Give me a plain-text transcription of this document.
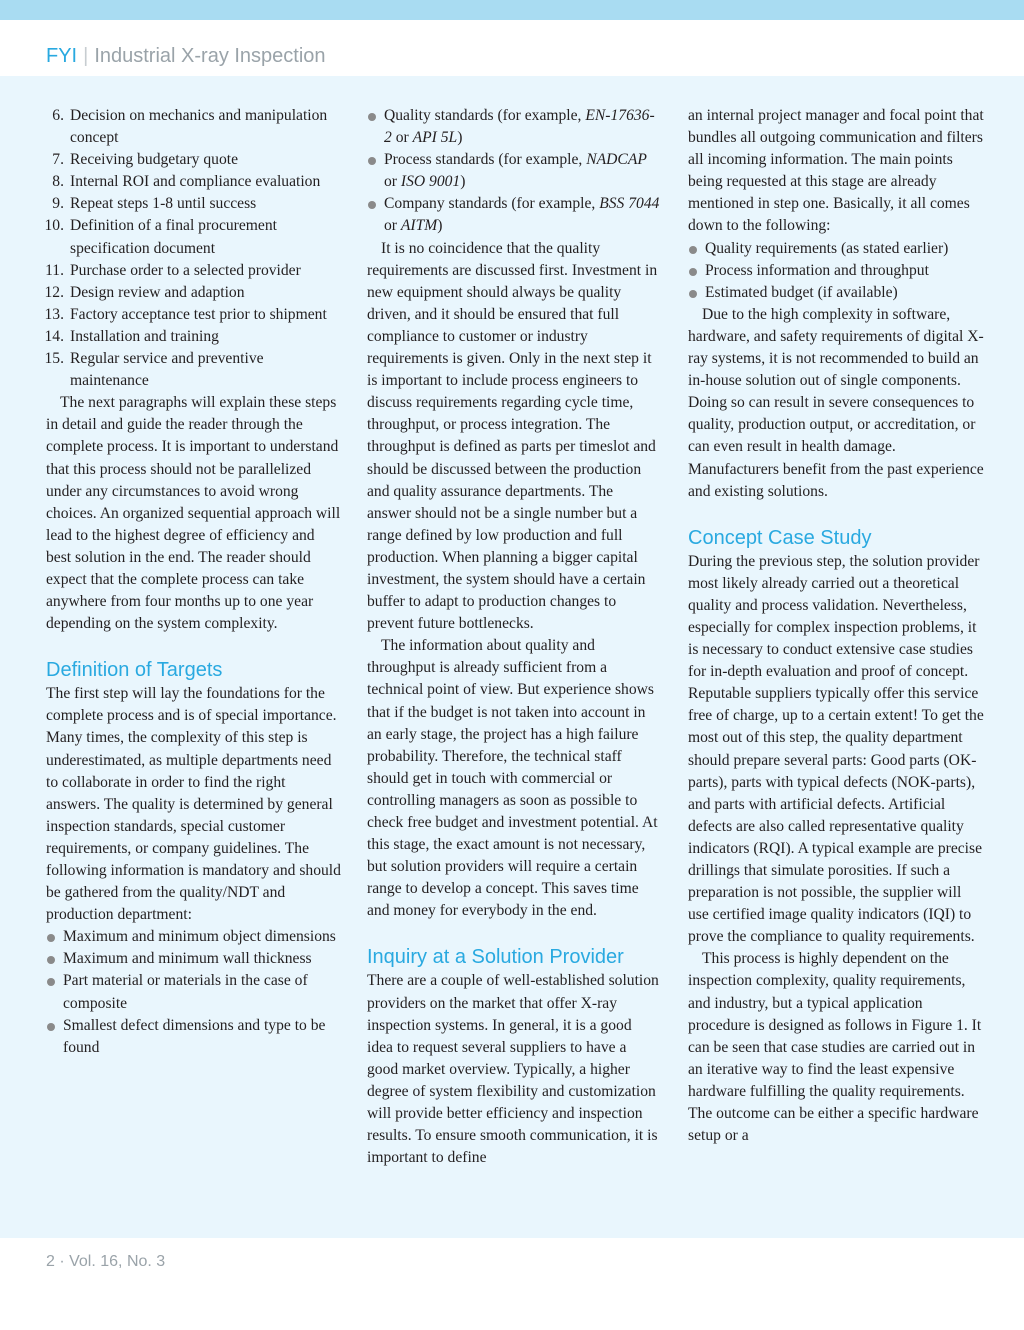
FYI | Industrial X-ray Inspection
6. Decision on mechanics and manipulation concept
7. Receiving budgetary quote
8. Internal ROI and compliance evaluation
9. Repeat steps 1-8 until success
10. Definition of a final procurement specification document
11. Purchase order to a selected provider
12. Design review and adaption
13. Factory acceptance test prior to shipment
14. Installation and training
15. Regular service and preventive maintenance

The next paragraphs will explain these steps in detail and guide the reader through the complete process. It is important to understand that this process should not be parallelized under any circumstances to avoid wrong choices. An organized sequential approach will lead to the highest degree of efficiency and best solution in the end. The reader should expect that the complete process can take anywhere from four months up to one year depending on the system complexity.

Definition of Targets

The first step will lay the foundations for the complete process and is of special importance. Many times, the complexity of this step is underestimated, as multiple departments need to collaborate in order to find the right answers. The quality is determined by general inspection standards, special customer requirements, or company guidelines. The following information is mandatory and should be gathered from the quality/NDT and production department:

Maximum and minimum object dimensions
Maximum and minimum wall thickness
Part material or materials in the case of composite
Smallest defect dimensions and type to be found
Quality standards (for example, EN-17636-2 or API 5L)
Process standards (for example, NADCAP or ISO 9001)
Company standards (for example, BSS 7044 or AITM)

It is no coincidence that the quality requirements are discussed first. Investment in new equipment should always be quality driven, and it should be ensured that full compliance to customer or industry requirements is given. Only in the next step it is important to include process engineers to discuss requirements regarding cycle time, throughput, or process integration. The throughput is defined as parts per timeslot and should be discussed between the production and quality assurance departments. The answer should not be a single number but a range defined by low production and full production. When planning a bigger capital investment, the system should have a certain buffer to adapt to production changes to prevent future bottlenecks.

The information about quality and throughput is already sufficient from a technical point of view. But experience shows that if the budget is not taken into account in an early stage, the project has a high failure probability. Therefore, the technical staff should get in touch with commercial or controlling managers as soon as possible to check free budget and investment potential. At this stage, the exact amount is not necessary, but solution providers will require a certain range to develop a concept. This saves time and money for everybody in the end.

Inquiry at a Solution Provider

There are a couple of well-established solution providers on the market that offer X-ray inspection systems. In general, it is a good idea to request several suppliers to have a good market overview. Typically, a higher degree of system flexibility and customization will provide better efficiency and inspection results. To ensure smooth communication, it is important to define

an internal project manager and focal point that bundles all outgoing communication and filters all incoming information. The main points being requested at this stage are already mentioned in step one. Basically, it all comes down to the following:

Quality requirements (as stated earlier)
Process information and throughput
Estimated budget (if available)

Due to the high complexity in software, hardware, and safety requirements of digital X-ray systems, it is not recommended to build an in-house solution out of single components. Doing so can result in severe consequences to quality, production output, or accreditation, or can even result in health damage. Manufacturers benefit from the past experience and existing solutions.

Concept Case Study

During the previous step, the solution provider most likely already carried out a theoretical quality and process validation. Nevertheless, especially for complex inspection problems, it is necessary to conduct extensive case studies for in-depth evaluation and proof of concept. Reputable suppliers typically offer this service free of charge, up to a certain extent! To get the most out of this step, the quality department should prepare several parts: Good parts (OK-parts), parts with typical defects (NOK-parts), and parts with artificial defects. Artificial defects are also called representative quality indicators (RQI). A typical example are precise drillings that simulate porosities. If such a preparation is not possible, the supplier will use certified image quality indicators (IQI) to prove the compliance to quality requirements.

This process is highly dependent on the inspection complexity, quality requirements, and industry, but a typical application procedure is designed as follows in Figure 1. It can be seen that case studies are carried out in an iterative way to find the least expensive hardware fulfilling the quality requirements. The outcome can be either a specific hardware setup or a

2 · Vol. 16, No. 3
